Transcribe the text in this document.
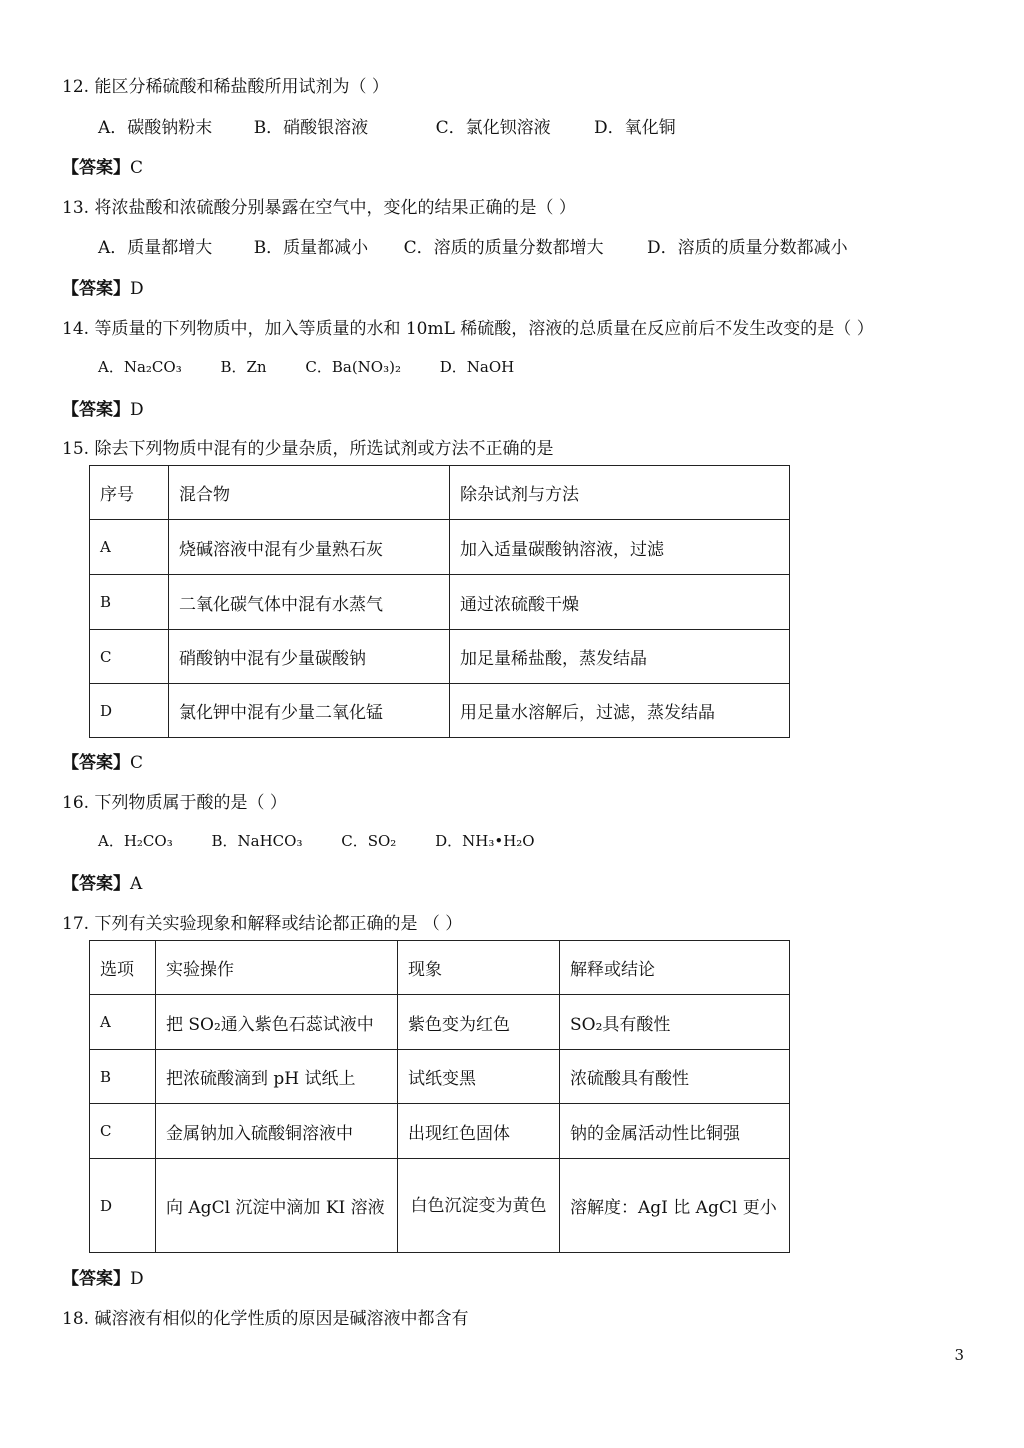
12. 能区分稀硫酸和稀盐酸所用试剂为（ ）
A．碳酸钠粉末 B．硝酸银溶液	C．氯化钡溶液	D．氧化铜
【答案】C
13. 将浓盐酸和浓硫酸分别暴露在空气中，变化的结果正确的是（ ）
A．质量都增大 B．质量都减小 C．溶质的质量分数都增大	D．溶质的质量分数都减小
【答案】D
14. 等质量的下列物质中，加入等质量的水和 10mL 稀硫酸，溶液的总质量在反应前后不发生改变的是（ ）
A．Na₂CO₃	B．Zn	C．Ba(NO₃)₂	D．NaOH
【答案】D
15. 除去下列物质中混有的少量杂质，所选试剂或方法不正确的是
序号	混合物	除杂试剂与方法
A	烧碱溶液中混有少量熟石灰	加入适量碳酸钠溶液，过滤
B	二氧化碳气体中混有水蒸气	通过浓硫酸干燥
C	硝酸钠中混有少量碳酸钠	加足量稀盐酸，蒸发结晶
D	氯化钾中混有少量二氧化锰	用足量水溶解后，过滤，蒸发结晶
【答案】C
16. 下列物质属于酸的是（ ）
A．H₂CO₃	B．NaHCO₃	C．SO₂	D．NH₃•H₂O
【答案】A
17. 下列有关实验现象和解释或结论都正确的是 （ ）
选项	实验操作	现象	解释或结论
A	把 SO₂通入紫色石蕊试液中	紫色变为红色	SO₂具有酸性
B	把浓硫酸滴到 pH 试纸上	试纸变黑	浓硫酸具有酸性
C	金属钠加入硫酸铜溶液中	出现红色固体	钠的金属活动性比铜强
D	向 AgCl 沉淀中滴加 KI 溶液	白色沉淀变为黄色	溶解度：AgI 比 AgCl 更小
【答案】D
18. 碱溶液有相似的化学性质的原因是碱溶液中都含有
3
